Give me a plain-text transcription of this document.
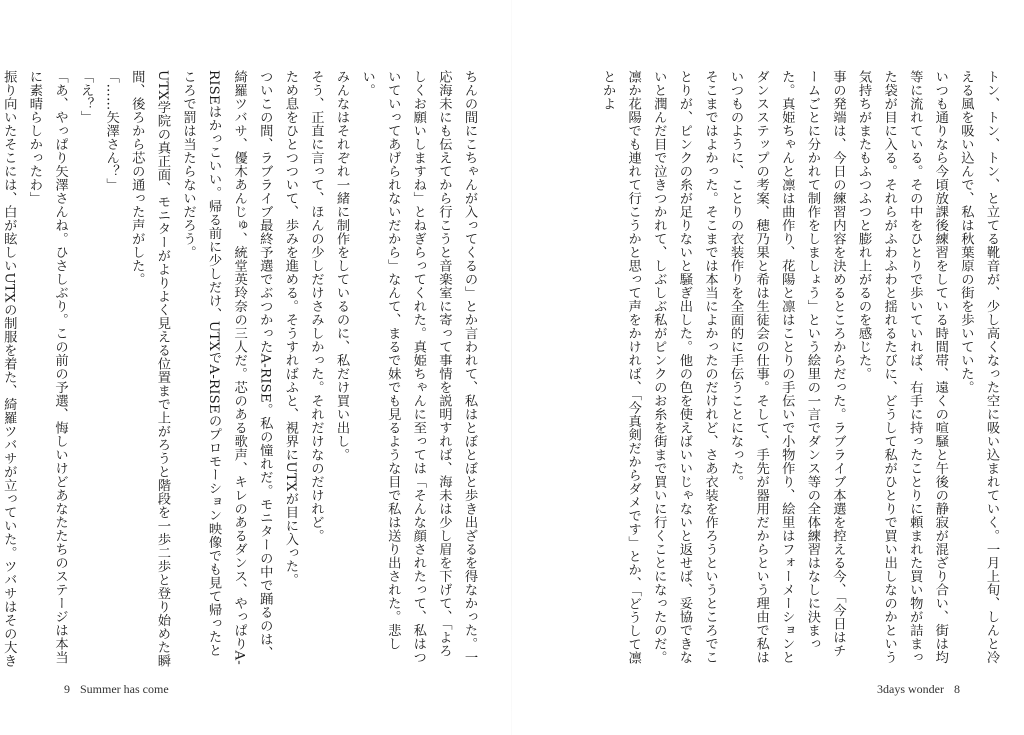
ちんの間にこちゃんが入ってくるの」とか言われて、私はとぼとぼと歩き出ざるを得なかった。一応海未にも伝えてから行こうと音楽室に寄って事情を説明すれば、海未は少し眉を下げて、「よろしくお願いしますね」とねぎらってくれた。真姫ちゃんに至っては「そんな顔されたって、私はついていってあげられないだから」なんて、まるで妹でも見るような目で私は送り出された。悲しい。

みんなはそれぞれ一緒に制作をしているのに、私だけ買い出し。

そう、正直に言って、ほんの少しだけさみしかった。それだけなのだけれど。

ため息をひとつついて、歩みを進める。そうすればふと、視界にUTXが目に入った。

ついこの間、ラブライブ最終予選でぶつかったA-RISE。私の憧れだ。モニターの中で踊るのは、綺羅ツバサ、優木あんじゅ、統堂英玲奈の三人だ。芯のある歌声、キレのあるダンス、やっぱりA-RISEはかっこいい。帰る前に少しだけ、UTXでA-RISEのプロモーション映像でも見て帰ったところで罰は当たらないだろう。

UTX学院の真正面、モニターがよりよく見える位置まで上がろうと階段を一歩二歩と登り始めた瞬間、後ろから芯の通った声がした。

「……矢澤さん？」

「え？」

「あ、やっぱり矢澤さんね。ひさしぶり。この前の予選、悔しいけどあなたたちのステージは本当に素晴らしかったわ」

振り向いたそこには、白が眩しいUTXの制服を着た、綺羅ツバサが立っていた。ツバサはその大き

9 Summer has come

トン、トン、トン、と立てる靴音が、少し高くなった空に吸い込まれていく。一月上旬、しんと冷える風を吸い込んで、私は秋葉原の街を歩いていた。

いつも通りなら今頃放課後練習をしている時間帯、遠くの喧騒と午後の静寂が混ざり合い、街は均等に流れている。その中をひとりで歩いていれば、右手に持ったことりに頼まれた買い物が詰まった袋が目に入る。それらがふわふわと揺れるたびに、どうして私がひとりで買い出しなのかという気持ちがまたもふつふつと膨れ上がるのを感じた。

事の発端は、今日の練習内容を決めるところからだった。ラブライブ本選を控える今、「今日はチームごとに分かれて制作をしましょう」という絵里の一言でダンス等の全体練習はなしに決まった。真姫ちゃんと凛は曲作り、花陽と凛はことりの手伝いで小物作り、絵里はフォーメーションとダンスステップの考案、穂乃果と希は生徒会の仕事。そして、手先が器用だからという理由で私はいつものように、ことりの衣装作りを全面的に手伝うことになった。

そこまではよかった。そこまでは本当によかったのだけれど、さあ衣装を作ろうというところでことりが、ピンクの糸が足りないと騒ぎ出した。他の色を使えばいいじゃないと返せば、妥協できないと潤んだ目で泣きつかれて、しぶしぶ私がピンクのお糸を街まで買いに行くことになったのだ。

凛か花陽でも連れて行こうかと思って声をかければ、「今真剣だからダメです」とか、「どうして凛とかよ

3days wonder 8
